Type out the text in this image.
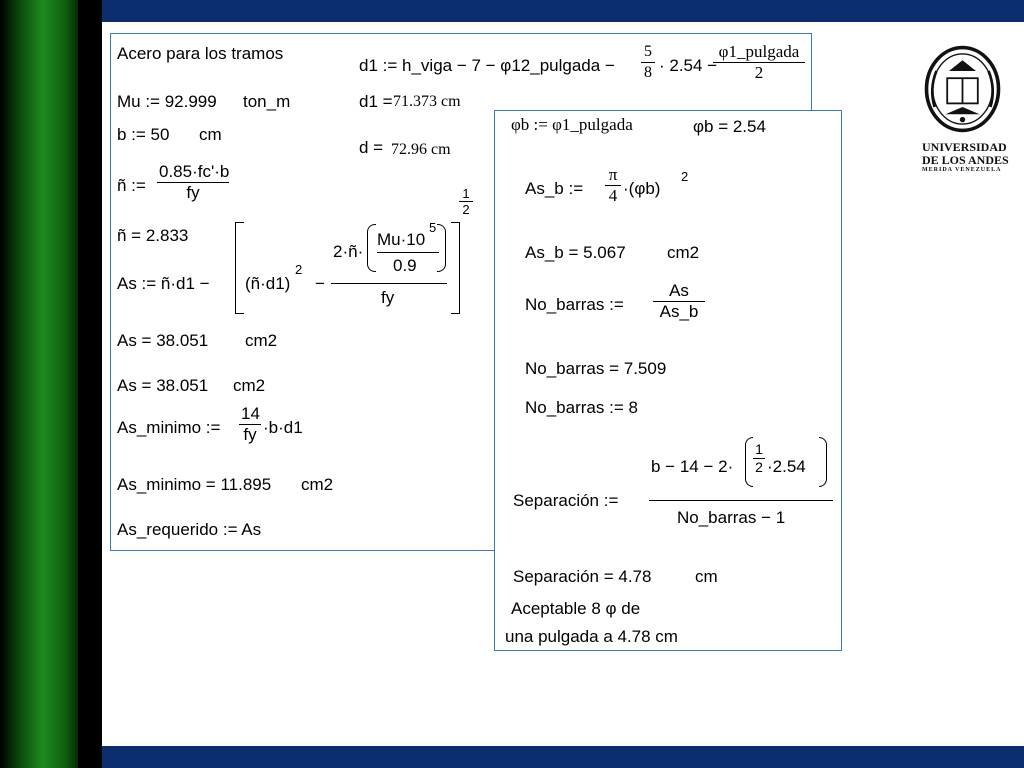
Acero para los tramos
d1 := h_viga − 7 − φ12_pulgada − $\frac{5}{8} \cdot 2.54$ −
φ1_pulgada
2
d1 = 71.373 cm
d = 72.96 cm
Mu := 92.999 ton_m
b := 50 cm
ñ := $\frac{0.85\cdot fc'\cdot b}{fy}$
ñ = 2.833
As := ñ·d1 − (ñ·d1)
2
−
2·ñ·
Mu·10
5
0.9
fy
$\frac{1}{2}$
As = 38.051 cm2
As = 38.051 cm2
As_minimo := $\frac{14}{fy} \cdot b\cdot d1$
As_minimo = 11.895 cm2
As_requerido := As
φb := φ1_pulgada	φb = 2.54
As_b := $\frac{\pi}{4} \cdot(\varphi b)$
2
As_b = 5.067 cm2
No_barras := $\frac{As}{As\_b}$
No_barras = 7.509
No_barras := 8
Separación :=
$b - 14 - 2\cdot \frac{1}{2} \cdot 2.54$
No_barras − 1
Separación = 4.78	cm
Aceptable 8 φ de
una pulgada a 4.78 cm
UNIVERSIDAD
DE LOS ANDES
MERIDA VENEZUELA
